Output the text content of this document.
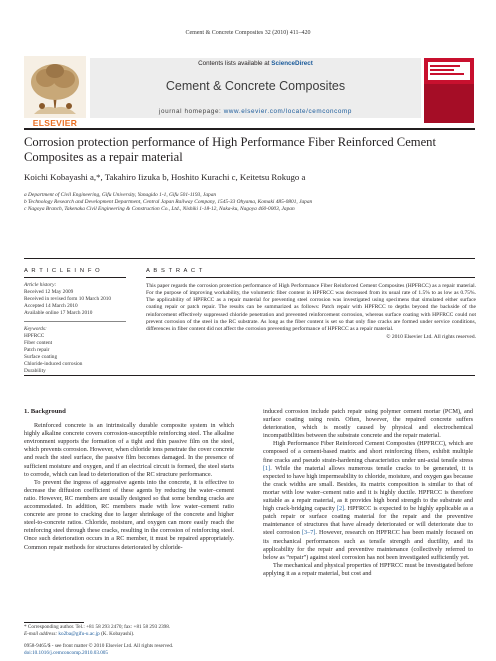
Cement & Concrete Composites 32 (2010) 411–420
ELSEVIER
Contents lists available at ScienceDirect
Cement & Concrete Composites
journal homepage: www.elsevier.com/locate/cemconcomp
Corrosion protection performance of High Performance Fiber Reinforced Cement Composites as a repair material
Koichi Kobayashi a,*, Takahiro Iizuka b, Hoshito Kurachi c, Keitetsu Rokugo a
a Department of Civil Engineering, Gifu University, Yanagido 1-1, Gifu 501-1193, Japan
b Technology Research and Development Department, Central Japan Railway Company, 1545-33 Ohyama, Komaki 485-0801, Japan
c Nagoya Branch, Takenaka Civil Engineering & Construction Co., Ltd., Nishiki 1-18-12, Naka-ku, Nagoya 460-0003, Japan
A R T I C L E I N F O	A B S T R A C T
Article history:
Received 12 May 2009
Received in revised form 10 March 2010
Accepted 14 March 2010
Available online 17 March 2010
Keywords:
HPFRCC
Fiber content
Patch repair
Surface coating
Chloride-induced corrosion
Durability

This paper regards the corrosion protection performance of High Performance Fiber Reinforced Cement Composites (HPFRCC) as a repair material. For the purpose of improving workability, the volumetric fiber content in HPFRCC was decreased from its usual rate of 1.5% to as low as 0.75%. The applicability of HPFRCC as a repair material for preventing steel corrosion was investigated using specimens that simulated either surface coating repair or patch repair. The results can be summarized as follows: Patch repair with HPFRCC to depths beyond the backside of the reinforcement effectively suppressed chloride penetration and prevented reinforcement corrosion, whereas surface coating with HPFRCC could not prevent corrosion of the steel in the RC substrate. As long as the fiber content is set so that only fine cracks are formed under service conditions, differences in fiber content did not affect the corrosion preventing performance of HPFRCC as a repair material.

© 2010 Elsevier Ltd. All rights reserved.

1. Background

Reinforced concrete is an intrinsically durable composite system in which highly alkaline concrete covers corrosion-susceptible reinforcing steel. The alkaline environment supports the formation of a tight and thin passive film on the steel, which prevents corrosion. However, when chloride ions penetrate the cover concrete and reach the steel surface, the passive film becomes damaged. In the presence of sufficient moisture and oxygen, and if an electrical circuit is formed, the steel starts to corrode, which can lead to deterioration of the RC structure performance.

To prevent the ingress of aggressive agents into the concrete, it is effective to decrease the diffusion coefficient of these agents by reducing the water–cement ratio. However, RC members are usually designed so that some bending cracks are accommodated. In addition, RC members made with low water–cement ratio concrete are prone to cracking due to larger shrinkage of the concrete and higher steel-to-concrete ratios. Chloride, moisture, and oxygen can more easily reach the reinforcing steel through these cracks, resulting in the corrosion of reinforcing steel. Once such deterioration occurs in a RC member, it must be repaired appropriately. Common repair methods for structures deteriorated by chloride-

induced corrosion include patch repair using polymer cement mortar (PCM), and surface coating using resin. Often, however, the repaired concrete suffers deterioration, which is mostly caused by physical and electrochemical incompatibilities between the substrate concrete and the repair material.

High Performance Fiber Reinforced Cement Composites (HPFRCC), which are composed of a cement-based matrix and short reinforcing fibers, exhibit multiple fine cracks and pseudo strain-hardening characteristics under uni-axial tensile stress [1]. While the material allows numerous tensile cracks to be generated, it is expected to have high impermeability to chloride, moisture, and oxygen gas because the crack widths are small. Besides, its matrix composition is similar to that of mortar with low water–cement ratio and it is highly ductile. HPFRCC is therefore suitable as a repair material, as it provides high bond strength to the substrate and high crack-bridging capacity [2]. HPFRCC is expected to be highly applicable as a patch repair or surface coating material for the repair and the preventive maintenance of structures that have already deteriorated or will deteriorate due to steel corrosion [3–7]. However, research on HPFRCC has been mainly focused on its mechanical performances such as tensile strength and ductility, and its applicability for the repair and preventive maintenance (collectively referred to below as “repair”) against steel corrosion has not been investigated sufficiently yet.

The mechanical and physical properties of HPFRCC must be investigated before applying it as a repair material, but cost and

* Corresponding author. Tel.: +81 58 293 2470; fax: +81 58 293 2398.
E-mail address: ko2ba@gifu-u.ac.jp (K. Kobayashi).
0958-9465/$ - see front matter © 2010 Elsevier Ltd. All rights reserved.
doi:10.1016/j.cemconcomp.2010.03.005
